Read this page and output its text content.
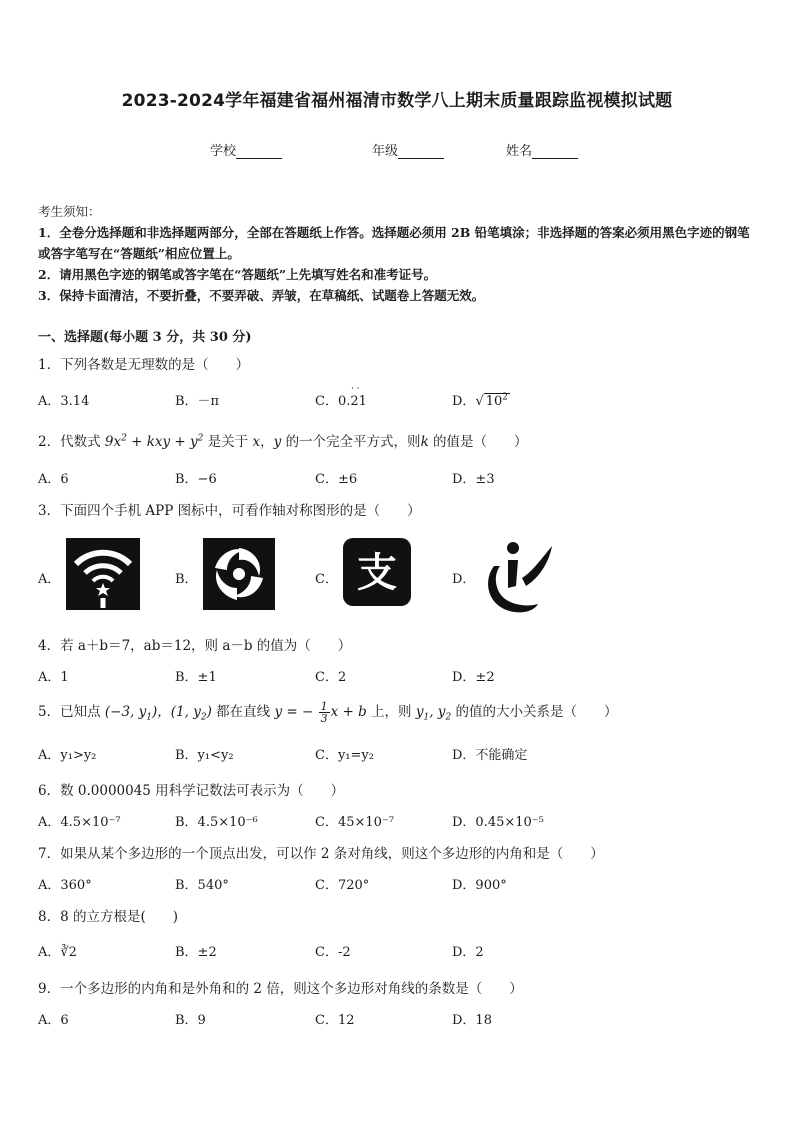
2023-2024学年福建省福州福清市数学八上期末质量跟踪监视模拟试题
学校	年级	姓名
考生须知：
1．全卷分选择题和非选择题两部分，全部在答题纸上作答。选择题必须用 2B 铅笔填涂；非选择题的答案必须用黑色字迹的钢笔或答字笔写在“答题纸”相应位置上。
2．请用黑色字迹的钢笔或答字笔在“答题纸”上先填写姓名和准考证号。
3．保持卡面清洁，不要折叠，不要弄破、弄皱，在草稿纸、试题卷上答题无效。
一、选择题(每小题 3 分，共 30 分)
1．下列各数是无理数的是（　　）
A．3.14	B．－π	C．
· ·
0.21	D．√ $10^2$
2．代数式 $9x^2$ + kxy + $y^2$ 是关于 x，y 的一个完全平方式，则k 的值是（　　）
A．6	B．−6	C．±6	D．±3
3．下面四个手机 APP 图标中，可看作轴对称图形的是（　　）
A．	B．	C． 支	D．
4．若 a＋b＝7，ab＝12，则 a－b 的值为（　　）
A．1	B．±1	C．2	D．±2
5．已知点 (−3, $y_1$)，(1, $y_2$) 都在直线 y = − $\frac{1}{3}$ x + b 上，则 $y_1$, $y_2$ 的值的大小关系是（　　）
A．y₁>y₂	B．y₁<y₂	C．y₁=y₂	D．不能确定
6．数 0.0000045 用科学记数法可表示为（　　）
A．4.5×10⁻⁷	B．4.5×10⁻⁶	C．45×10⁻⁷	D．0.45×10⁻⁵
7．如果从某个多边形的一个顶点出发，可以作 2 条对角线，则这个多边形的内角和是（　　）
A．360°	B．540°	C．720°	D．900°
8．8 的立方根是(　　)
A．∛2	B．±2	C．-2	D．2
9．一个多边形的内角和是外角和的 2 倍，则这个多边形对角线的条数是（　　）
A．6	B．9	C．12	D．18
